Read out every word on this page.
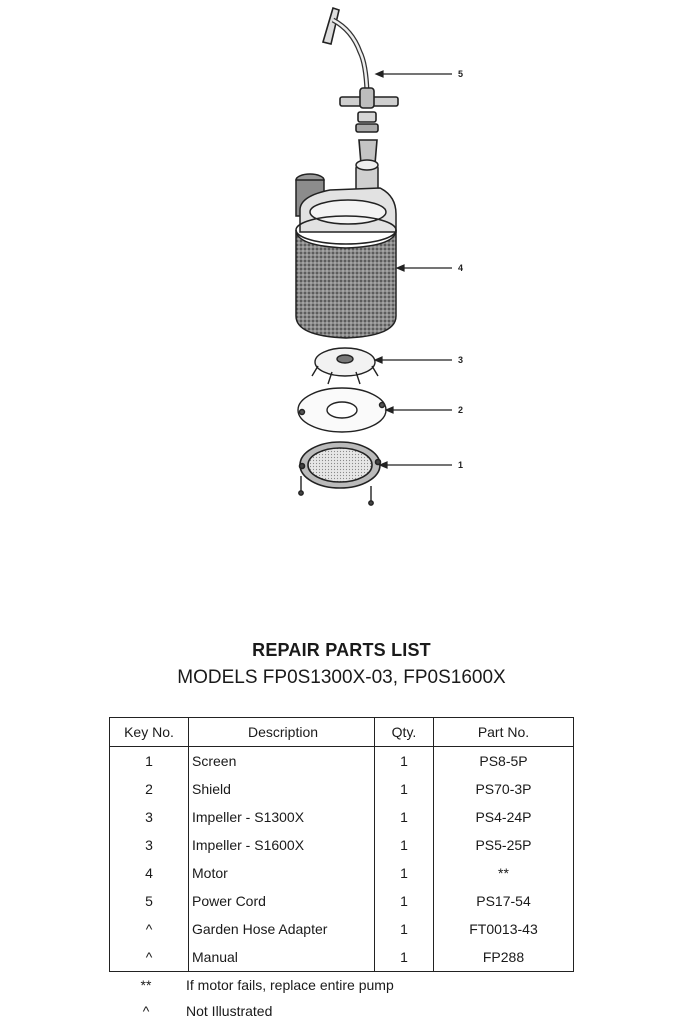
5
4
3
2
1
REPAIR PARTS LIST
MODELS FP0S1300X-03, FP0S1600X
Key No.	Description	Qty.	Part No.
1	Screen	1	PS8-5P
2	Shield	1	PS70-3P
3	Impeller - S1300X	1	PS4-24P
3	Impeller - S1600X	1	PS5-25P
4	Motor	1	**
5	Power Cord	1	PS17-54
^	Garden Hose Adapter	1	FT0013-43
^	Manual	1	FP288
**	If motor fails, replace entire pump
^	Not Illustrated
